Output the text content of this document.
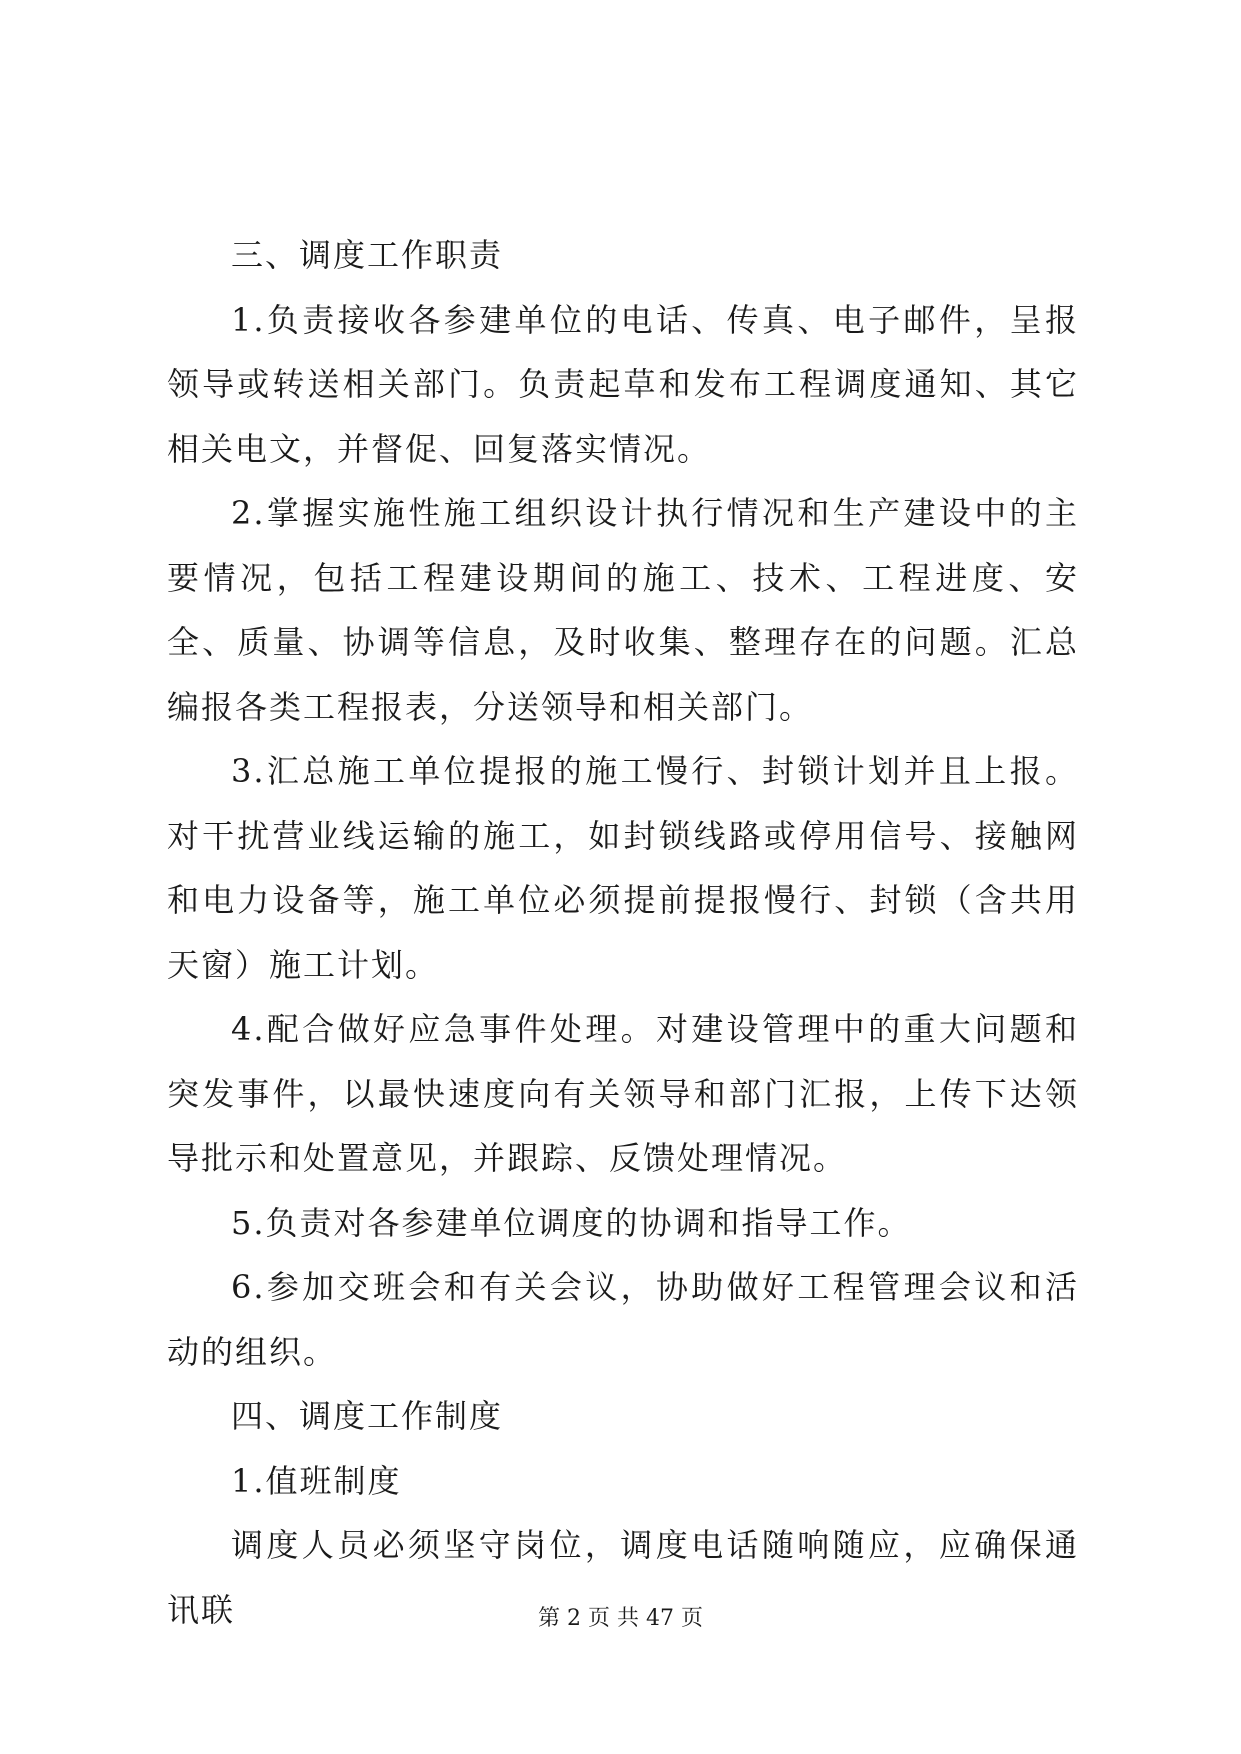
三、调度工作职责

1.负责接收各参建单位的电话、传真、电子邮件，呈报领导或转送相关部门。负责起草和发布工程调度通知、其它相关电文，并督促、回复落实情况。

2.掌握实施性施工组织设计执行情况和生产建设中的主要情况，包括工程建设期间的施工、技术、工程进度、安全、质量、协调等信息，及时收集、整理存在的问题。汇总编报各类工程报表，分送领导和相关部门。

3.汇总施工单位提报的施工慢行、封锁计划并且上报。对干扰营业线运输的施工，如封锁线路或停用信号、接触网和电力设备等，施工单位必须提前提报慢行、封锁（含共用天窗）施工计划。

4.配合做好应急事件处理。对建设管理中的重大问题和突发事件，以最快速度向有关领导和部门汇报，上传下达领导批示和处置意见，并跟踪、反馈处理情况。

5.负责对各参建单位调度的协调和指导工作。

6.参加交班会和有关会议，协助做好工程管理会议和活动的组织。

四、调度工作制度

1.值班制度

调度人员必须坚守岗位，调度电话随响随应，应确保通讯联	第 2 页 共 47 页
